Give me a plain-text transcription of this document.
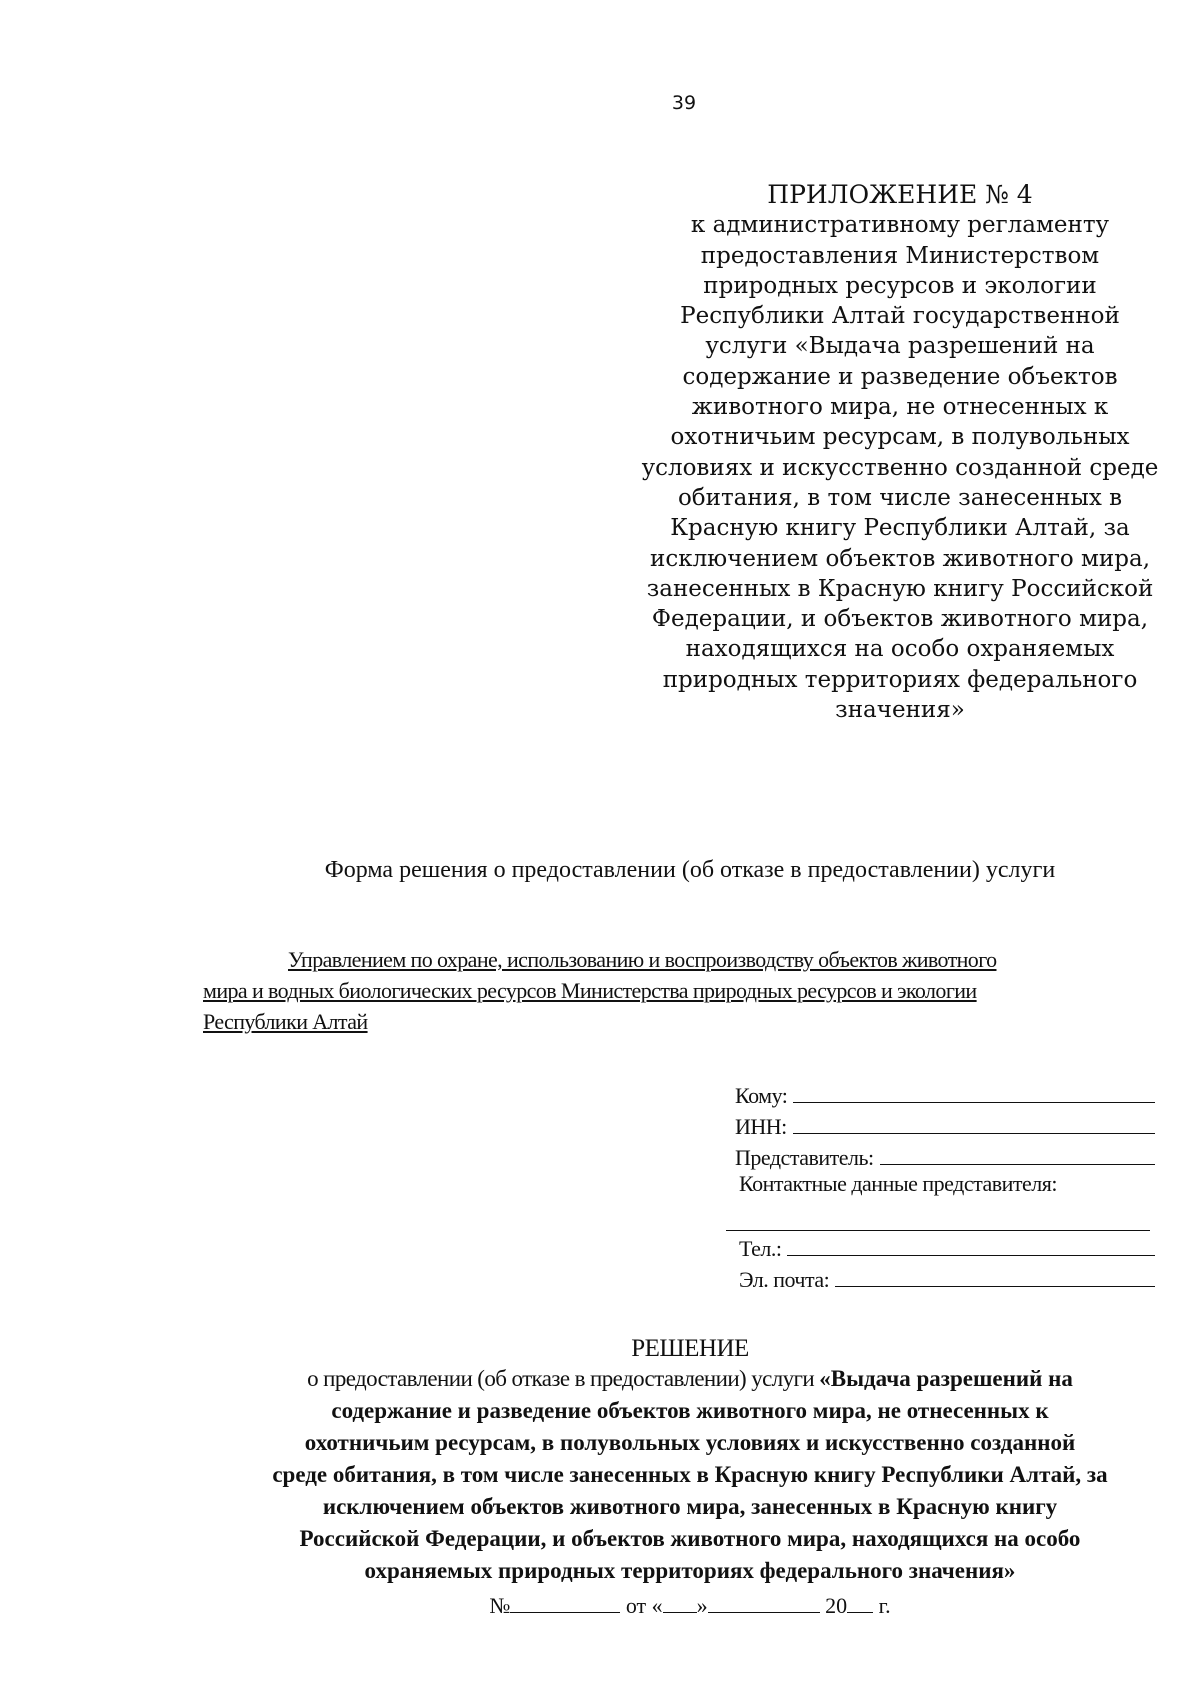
39
ПРИЛОЖЕНИЕ № 4
к административному регламенту
предоставления Министерством
природных ресурсов и экологии
Республики Алтай государственной
услуги «Выдача разрешений на
содержание и разведение объектов
животного мира, не отнесенных к
охотничьим ресурсам, в полувольных
условиях и искусственно созданной среде
обитания, в том числе занесенных в
Красную книгу Республики Алтай, за
исключением объектов животного мира,
занесенных в Красную книгу Российской
Федерации, и объектов животного мира,
находящихся на особо охраняемых
природных территориях федерального
значения»
Форма решения о предоставлении (об отказе в предоставлении) услуги
Управлением по охране, использованию и воспроизводству объектов животного
мира и водных биологических ресурсов Министерства природных ресурсов и экологии
Республики Алтай
Кому:
ИНН:
Представитель:
Контактные данные представителя:
Тел.:
Эл. почта:
РЕШЕНИЕ
о предоставлении (об отказе в предоставлении) услуги «Выдача разрешений на
содержание и разведение объектов животного мира, не отнесенных к
охотничьим ресурсам, в полувольных условиях и искусственно созданной
среде обитания, в том числе занесенных в Красную книгу Республики Алтай, за
исключением объектов животного мира, занесенных в Красную книгу
Российской Федерации, и объектов животного мира, находящихся на особо
охраняемых природных территориях федерального значения»
№	от « »	20 г.
